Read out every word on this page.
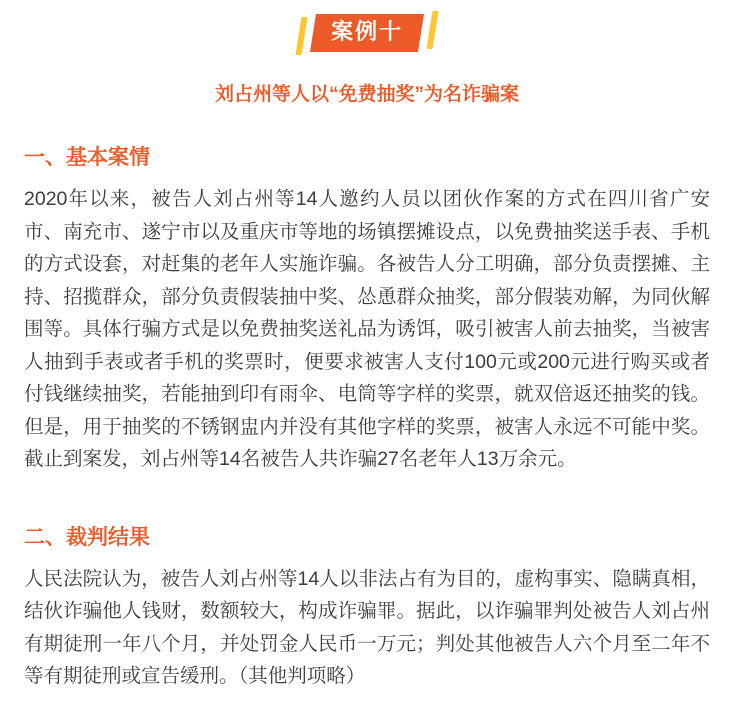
案例十
刘占州等人以“免费抽奖”为名诈骗案
一、基本案情

2020年以来，被告人刘占州等14人邀约人员以团伙作案的方式在四川省广安市、南充市、遂宁市以及重庆市等地的场镇摆摊设点，以免费抽奖送手表、手机的方式设套，对赶集的老年人实施诈骗。各被告人分工明确，部分负责摆摊、主持、招揽群众，部分负责假装抽中奖、怂恿群众抽奖，部分假装劝解，为同伙解围等。具体行骗方式是以免费抽奖送礼品为诱饵，吸引被害人前去抽奖，当被害人抽到手表或者手机的奖票时，便要求被害人支付100元或200元进行购买或者付钱继续抽奖，若能抽到印有雨伞、电筒等字样的奖票，就双倍返还抽奖的钱。但是，用于抽奖的不锈钢盅内并没有其他字样的奖票，被害人永远不可能中奖。截止到案发，刘占州等14名被告人共诈骗27名老年人13万余元。

二、裁判结果

人民法院认为，被告人刘占州等14人以非法占有为目的，虚构事实、隐瞒真相，结伙诈骗他人钱财，数额较大，构成诈骗罪。据此，以诈骗罪判处被告人刘占州有期徒刑一年八个月，并处罚金人民币一万元；判处其他被告人六个月至二年不等有期徒刑或宣告缓刑。（其他判项略）
